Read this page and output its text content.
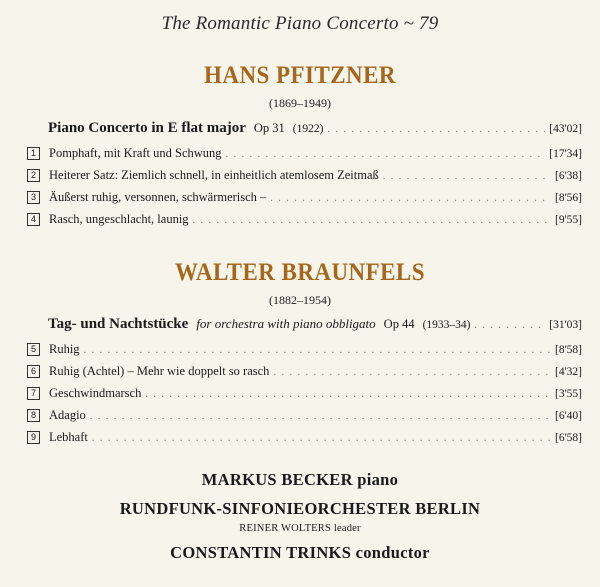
The Romantic Piano Concerto ~ 79
HANS PFITZNER
(1869–1949)
Piano Concerto in E flat major Op 31 (1922) . . .	[43'02]
1	Pomphaft, mit Kraft und Schwung . . .	[17'34]
2	Heiterer Satz: Ziemlich schnell, in einheitlich atemlosem Zeitmaß . . .	[6'38]
3	Äußerst ruhig, versonnen, schwärmerisch – . . .	[8'56]
4	Rasch, ungeschlacht, launig . . .	[9'55]
WALTER BRAUNFELS
(1882–1954)
Tag- und Nachtstücke for orchestra with piano obbligato Op 44 (1933–34) . . .	[31'03]
5	Ruhig . . .	[8'58]
6	Ruhig (Achtel) – Mehr wie doppelt so rasch . . .	[4'32]
7	Geschwindmarsch . . .	[3'55]
8	Adagio . . .	[6'40]
9	Lebhaft . . .	[6'58]
MARKUS BECKER piano
RUNDFUNK-SINFONIEORCHESTER BERLIN
REINER WOLTERS leader
CONSTANTIN TRINKS conductor
